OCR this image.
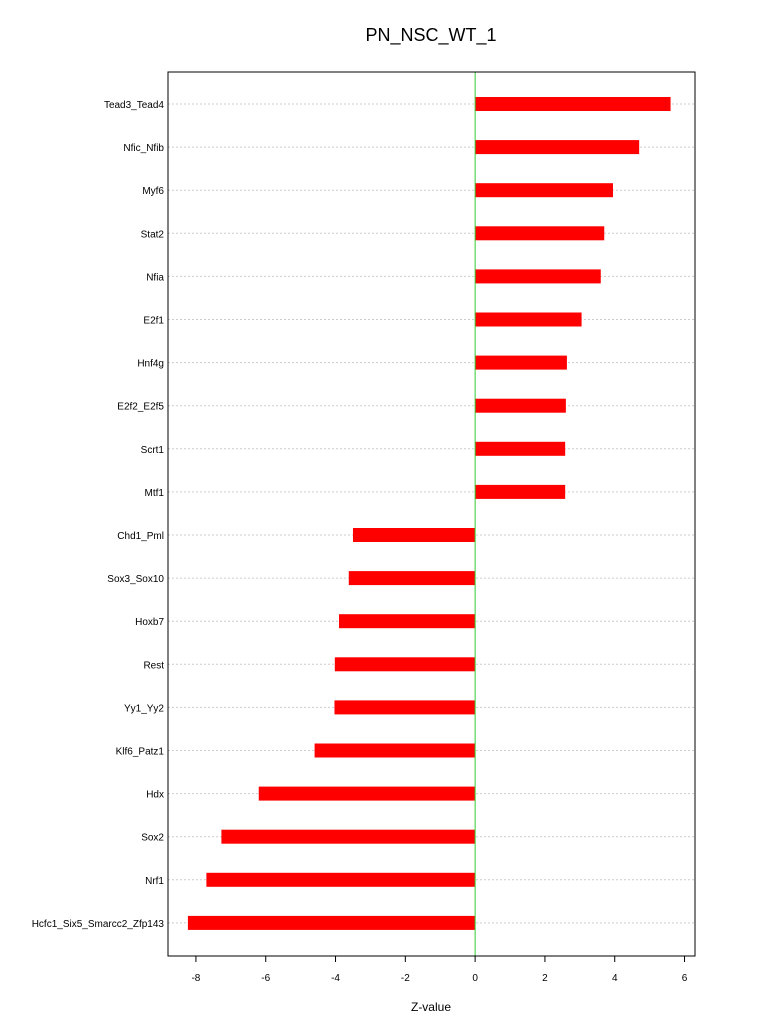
PN_NSC_WT_1
Tead3_Tead4
Nfic_Nfib
Myf6
Stat2
Nfia
E2f1
Hnf4g
E2f2_E2f5
Scrt1
Mtf1
Chd1_Pml
Sox3_Sox10
Hoxb7
Rest
Yy1_Yy2
Klf6_Patz1
Hdx
Sox2
Nrf1
Hcfc1_Six5_Smarcc2_Zfp143
-8	-6	-4	-2	0	2	4	6
Z-value
